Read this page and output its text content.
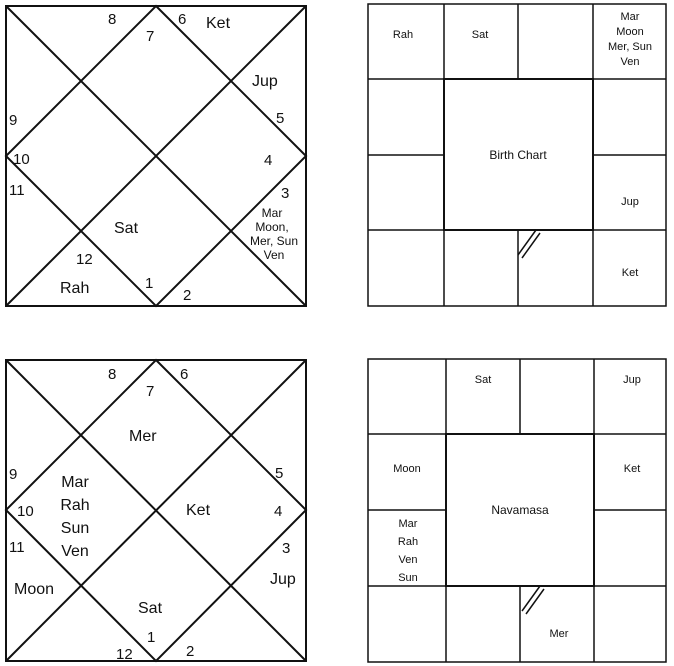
8
7
6
9	5
10	4
11	3
12
1
2
Ket
Jup
Sat
Rah
Mar
Moon,
Mer, Sun
Ven
Birth Chart
Rah	Sat
Mar
Moon
Mer, Sun
Ven
Jup
Ket
8
7
6
9	5
10	4
11	3
12
1
2
Mer
Mar
Rah
Sun
Ven
Ket
Moon
Jup
Sat
Navamasa
Sat	Jup
Moon	Ket
Mar
Rah
Ven
Sun
Mer
